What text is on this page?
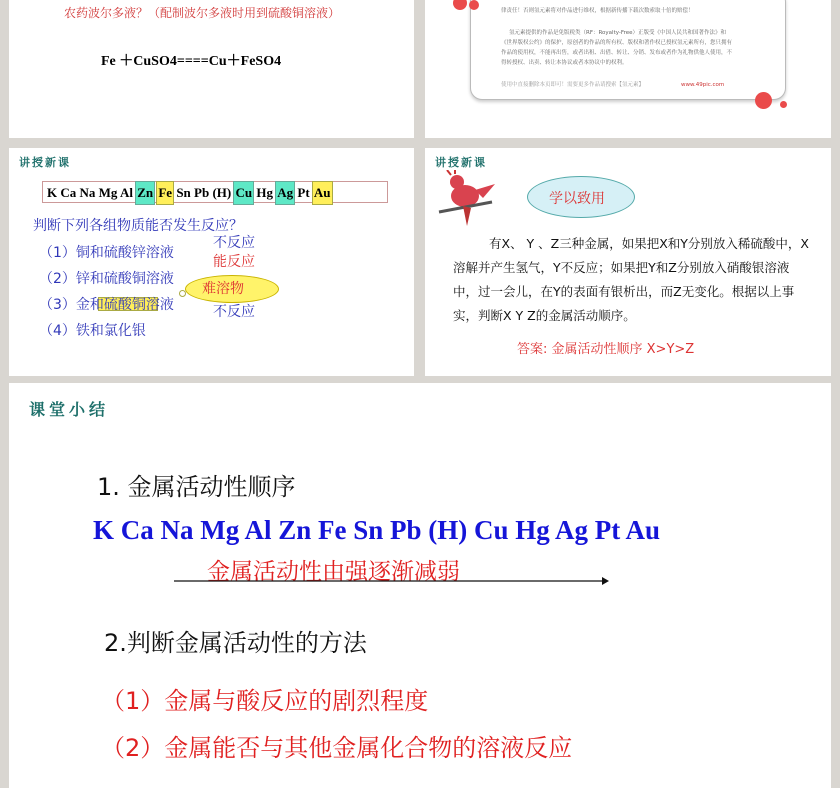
农药波尔多液？（配制波尔多液时用到硫酸铜溶液）
Fe ＋CuSO4====Cu＋FeSO4
律责任！否则氢元素将对作品进行维权，根据新传播下载次数索取十倍的赔偿！
氢元素提供的作品是免版税类（RF：Royalty-Free）正版受《中国人民共和国著作法》和
《世界版权公约》的保护，原创者的作品的所有权、版权和著作权已授权氢元素所有，您只拥有
作品的使用权，不能再出售，或者出租、出借、转让、分销、发布或者作为礼物供他人使用，不
得转授权、出卖、转让本协议或者本协议中的权利。
使用中直接删除本页即可！需要更多作品请搜索【氢元素】	www.49pic.com
讲授新课
K Ca Na Mg Al Zn Fe Sn Pb (H) Cu Hg Ag Pt Au
判断下列各组物质能否发生反应？
（1）铜和硫酸锌溶液
（2）锌和硫酸铜溶液
（3）金和硫酸铜溶液
（4）铁和氯化银
不反应
能反应
不反应
难溶物
讲授新课
学以致用
有X、 Y 、Z三种金属，如果把X和Y分别放入稀硫酸中，X溶解并产生氢气，Y不反应；如果把Y和Z分别放入硝酸银溶液中，过一会儿，在Y的表面有银析出，而Z无变化。根据以上事实，判断X Y Z的金属活动顺序。
答案: 金属活动性顺序 X>Y>Z
课堂小结
1. 金属活动性顺序
K Ca Na Mg Al Zn Fe Sn Pb (H) Cu Hg Ag Pt Au
金属活动性由强逐渐减弱
2.判断金属活动性的方法
（1）金属与酸反应的剧烈程度
（2）金属能否与其他金属化合物的溶液反应
